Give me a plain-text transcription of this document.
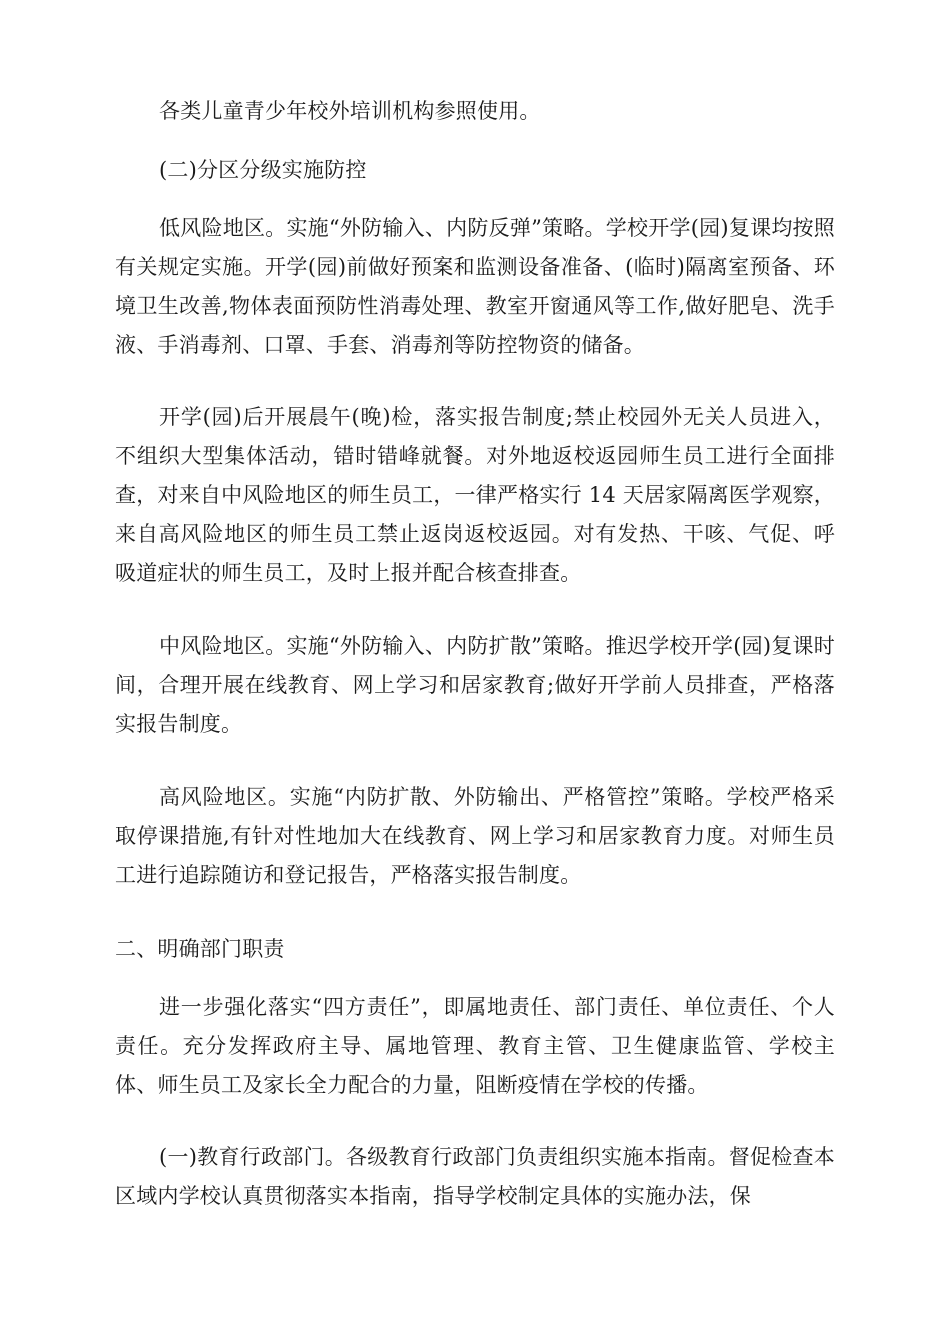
各类儿童青少年校外培训机构参照使用。

(二)分区分级实施防控

低风险地区。实施“外防输入、内防反弹”策略。学校开学(园)复课均按照有关规定实施。开学(园)前做好预案和监测设备准备、(临时)隔离室预备、环境卫生改善,物体表面预防性消毒处理、教室开窗通风等工作,做好肥皂、洗手液、手消毒剂、口罩、手套、消毒剂等防控物资的储备。

开学(园)后开展晨午(晚)检，落实报告制度;禁止校园外无关人员进入，不组织大型集体活动，错时错峰就餐。对外地返校返园师生员工进行全面排查，对来自中风险地区的师生员工，一律严格实行 14 天居家隔离医学观察，来自高风险地区的师生员工禁止返岗返校返园。对有发热、干咳、气促、呼吸道症状的师生员工，及时上报并配合核查排查。

中风险地区。实施“外防输入、内防扩散”策略。推迟学校开学(园)复课时间，合理开展在线教育、网上学习和居家教育;做好开学前人员排查，严格落实报告制度。

高风险地区。实施“内防扩散、外防输出、严格管控”策略。学校严格采取停课措施,有针对性地加大在线教育、网上学习和居家教育力度。对师生员工进行追踪随访和登记报告，严格落实报告制度。

二、明确部门职责

进一步强化落实“四方责任”，即属地责任、部门责任、单位责任、个人责任。充分发挥政府主导、属地管理、教育主管、卫生健康监管、学校主体、师生员工及家长全力配合的力量，阻断疫情在学校的传播。

(一)教育行政部门。各级教育行政部门负责组织实施本指南。督促检查本区域内学校认真贯彻落实本指南，指导学校制定具体的实施办法，保
